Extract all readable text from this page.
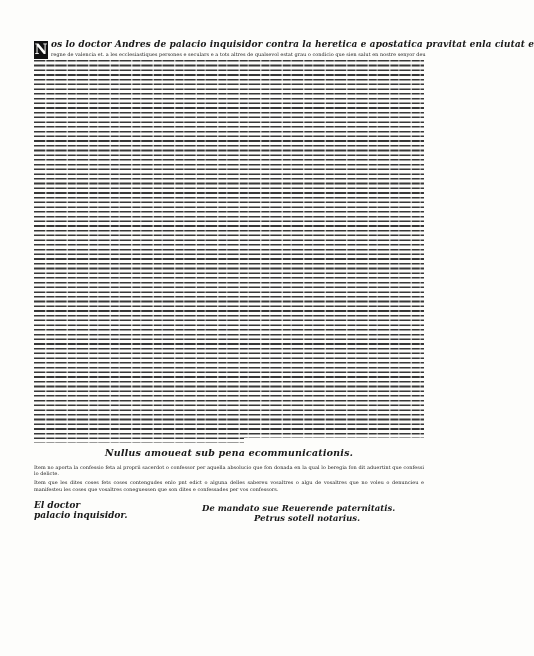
N os lo doctor Andres de palacio inquisidor contra la heretica e apostatica pravitat enla ciutat e
regne de valencia et. a les ecclesiastiques persones e seculars e a tots altres de qualsevol estat grau o condicio que sien salut en nostre senyor deu
Nullus amoueat sub pena ecommunicationis.

Item no aporta la confessio feta al proprii sacerdot o confessor per aquella absolucio que fon donada en la qual lo beregia fon dit aduertint que confessi lo delicte.

Item que les dites coses fets coses contengudes enlo pnt edict o alguna delles sabereu vosaltres o algu de vosaltres que no voleu o denuncieu e manifesteu les coses que vosaltres coneguessen que son dites e confessades per vos confessors.

El doctor
palacio inquisidor.
De mandato sue Reuerende paternitatis.
Petrus sotell notarius.
